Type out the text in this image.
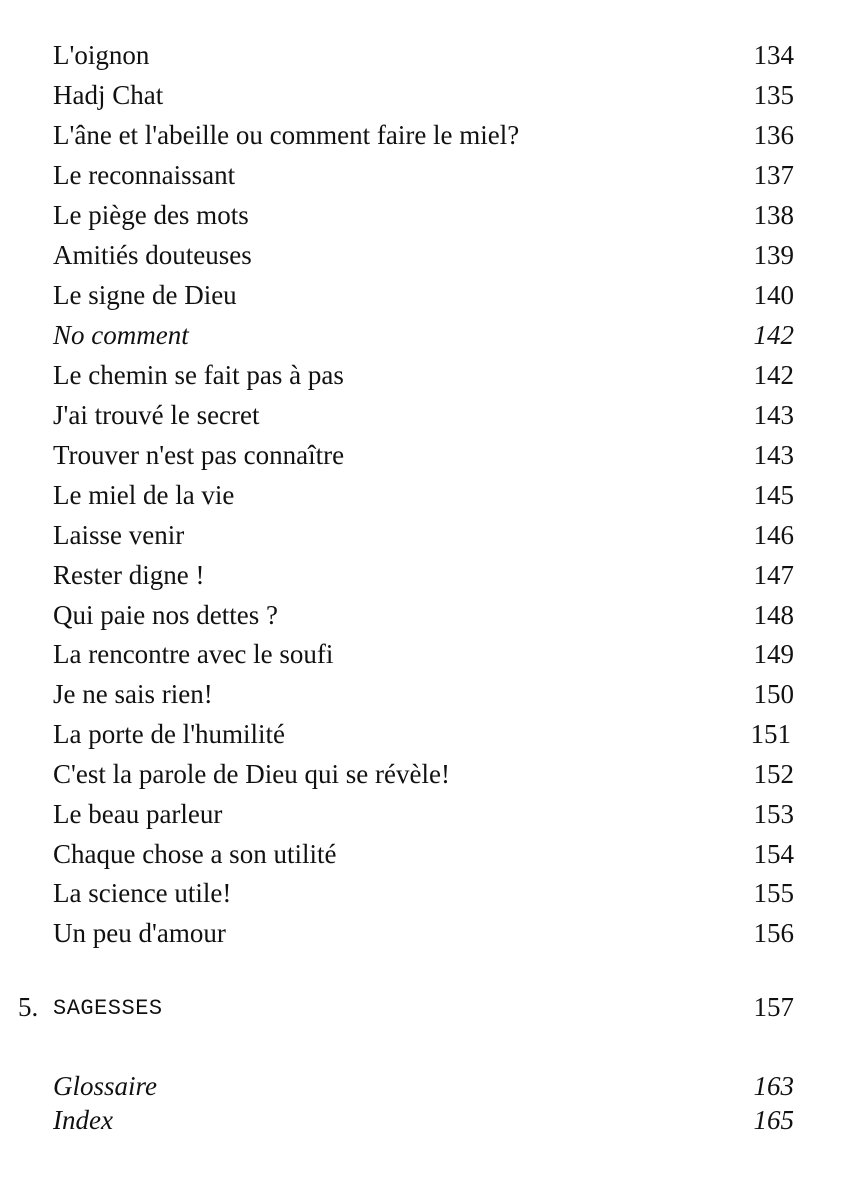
L'oignon	134
Hadj Chat	135
L'âne et l'abeille ou comment faire le miel?	136
Le reconnaissant	137
Le piège des mots	138
Amitiés douteuses	139
Le signe de Dieu	140
No comment	142
Le chemin se fait pas à pas	142
J'ai trouvé le secret	143
Trouver n'est pas connaître	143
Le miel de la vie	145
Laisse venir	146
Rester digne !	147
Qui paie nos dettes ?	148
La rencontre avec le soufi	149
Je ne sais rien!	150
La porte de l'humilité	151
C'est la parole de Dieu qui se révèle!	152
Le beau parleur	153
Chaque chose a son utilité	154
La science utile!	155
Un peu d'amour	156
5. SAGESSES	157
Glossaire	163
Index	165
